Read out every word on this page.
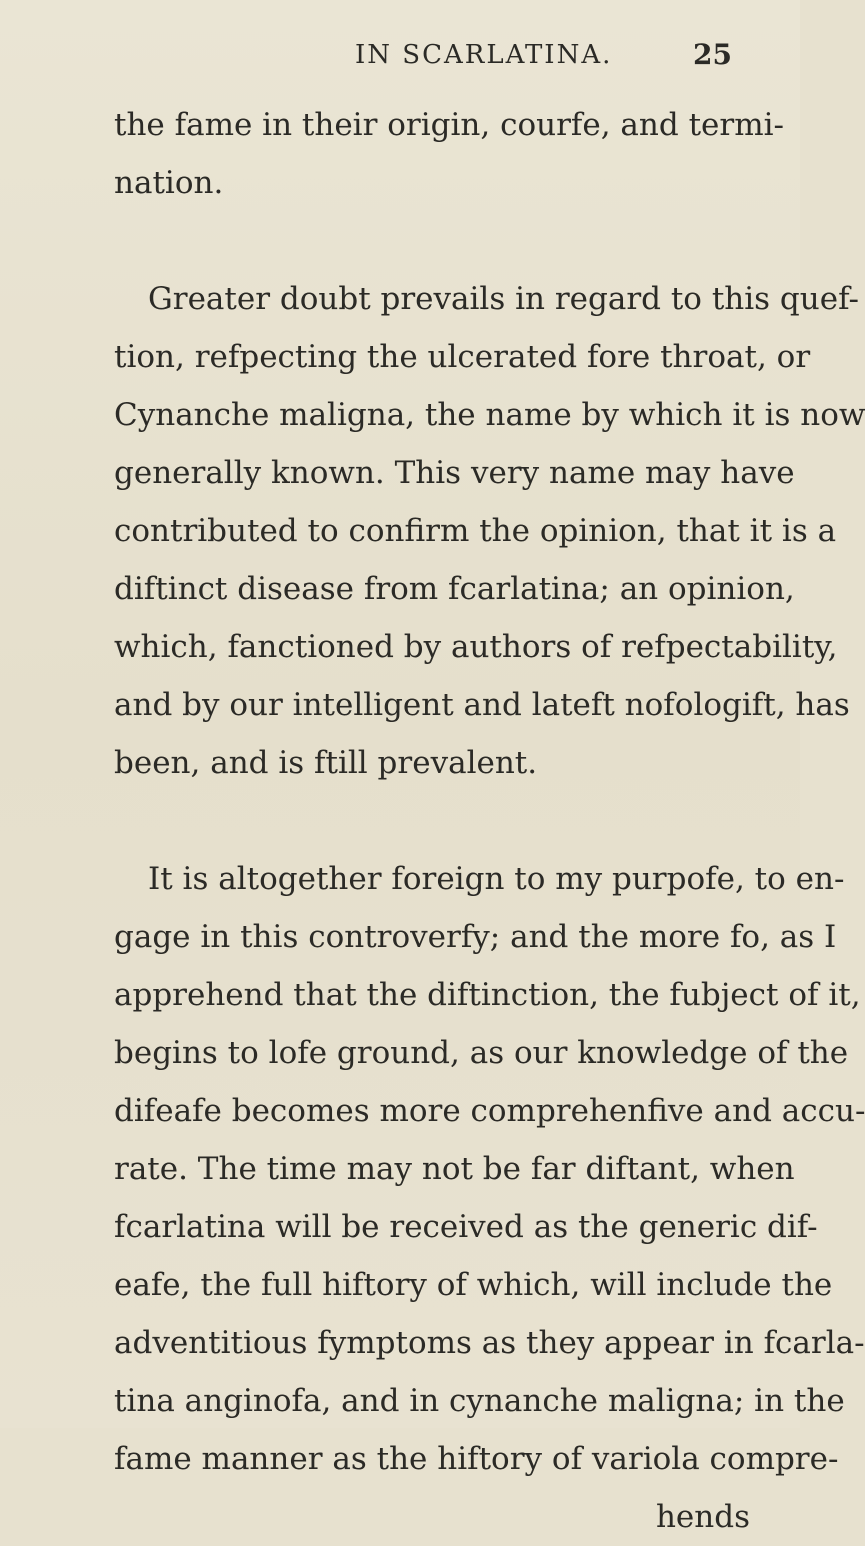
IN SCARLATINA.	25
the fame in their origin, courfe, and termi-
nation.
Greater doubt prevails in regard to this quef-
tion, refpecting the ulcerated fore throat, or
Cynanche maligna, the name by which it is now
generally known. This very name may have
contributed to confirm the opinion, that it is a
diftinct disease from fcarlatina; an opinion,
which, fanctioned by authors of refpectability,
and by our intelligent and lateft nofologift, has
been, and is ftill prevalent.
It is altogether foreign to my purpofe, to en-
gage in this controverfy; and the more fo, as I
apprehend that the diftinction, the fubject of it,
begins to lofe ground, as our knowledge of the
difeafe becomes more comprehenfive and accu-
rate. The time may not be far diftant, when
fcarlatina will be received as the generic dif-
eafe, the full hiftory of which, will include the
adventitious fymptoms as they appear in fcarla-
tina anginofa, and in cynanche maligna; in the
fame manner as the hiftory of variola compre-
hends
